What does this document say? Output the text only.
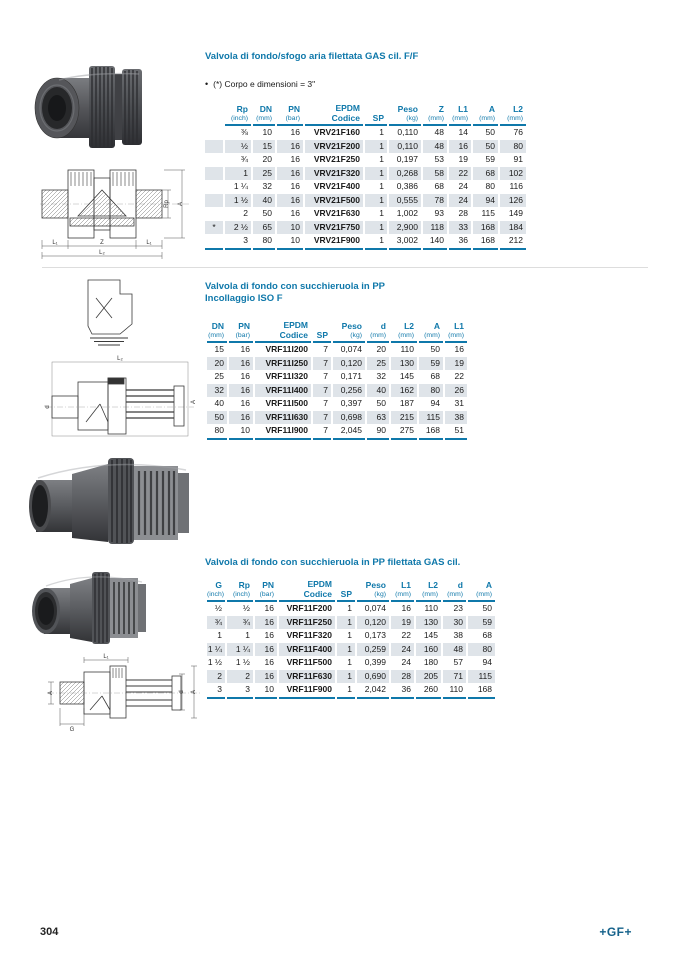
Rp A
L₁	Z	L₁
L₂
Valvola di fondo/sfogo aria filettata GAS cil. F/F
• (*) Corpo e dimensioni = 3"

Rp
(inch)

DN
(mm)

PN
(bar)

EPDM
Codice	SP

Peso
(kg)

Z
(mm)

L1
(mm)

A
(mm)

L2
(mm)

	⅜	10	16	VRV21F160	1	0,110	48	14	50	76
	½	15	16	VRV21F200	1	0,110	48	16	50	80
	¾	20	16	VRV21F250	1	0,197	53	19	59	91
	1	25	16	VRV21F320	1	0,268	58	22	68	102
	1 ¼	32	16	VRV21F400	1	0,386	68	24	80	116
	1 ½	40	16	VRV21F500	1	0,555	78	24	94	126
	2	50	16	VRV21F630	1	1,002	93	28	115	149
*	2 ½	65	10	VRV21F750	1	2,900	118	33	168	184
	3	80	10	VRV21F900	1	3,002	140	36	168	212
Valvola di fondo con succhieruola in PP
Incollaggio ISO F
DN
(mm)

PN
(bar)

EPDM
Codice	SP

Peso
(kg)

d
(mm)

L2
(mm)

A
(mm)

L1
(mm)

15	16	VRF11I200	7	0,074	20	110	50	16
20	16	VRF11I250	7	0,120	25	130	59	19
25	16	VRF11I320	7	0,171	32	145	68	22
32	16	VRF11I400	7	0,256	40	162	80	26
40	16	VRF11I500	7	0,397	50	187	94	31
50	16	VRF11I630	7	0,698	63	215	115	38
80	10	VRF11I900	7	2,045	90	275	168	51
L₂
d
A
Valvola di fondo con succhieruola in PP filettata GAS cil.
G
(inch)

Rp
(inch)

PN
(bar)

EPDM
Codice	SP

Peso
(kg)

L1
(mm)

L2
(mm)

d
(mm)

A
(mm)

½	½	16	VRF11F200	1	0,074	16	110	23	50
¾	¾	16	VRF11F250	1	0,120	19	130	30	59
1	1	16	VRF11F320	1	0,173	22	145	38	68
1 ¼	1 ¼	16	VRF11F400	1	0,259	24	160	48	80
1 ½	1 ½	16	VRF11F500	1	0,399	24	180	57	94
2	2	16	VRF11F630	1	0,690	28	205	71	115
3	3	10	VRF11F900	1	2,042	36	260	110	168
L₁
A	d A
G
304	+GF+
